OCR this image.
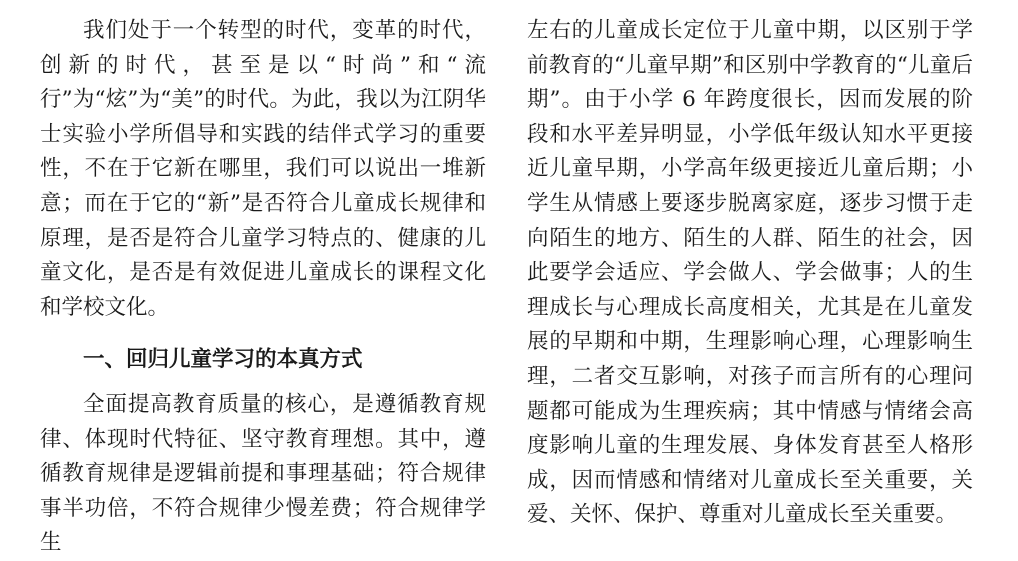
我们处于一个转型的时代，变革的时代，创新的时代，甚至是以“时尚”和“流行”为“炫”为“美”的时代。为此，我以为江阴华士实验小学所倡导和实践的结伴式学习的重要性，不在于它新在哪里，我们可以说出一堆新意；而在于它的“新”是否符合儿童成长规律和原理，是否是符合儿童学习特点的、健康的儿童文化，是否是有效促进儿童成长的课程文化和学校文化。

一、回归儿童学习的本真方式

全面提高教育质量的核心，是遵循教育规律、体现时代特征、坚守教育理想。其中，遵循教育规律是逻辑前提和事理基础；符合规律事半功倍，不符合规律少慢差费；符合规律学生

左右的儿童成长定位于儿童中期，以区别于学前教育的“儿童早期”和区别中学教育的“儿童后期”。由于小学 6 年跨度很长，因而发展的阶段和水平差异明显，小学低年级认知水平更接近儿童早期，小学高年级更接近儿童后期；小学生从情感上要逐步脱离家庭，逐步习惯于走向陌生的地方、陌生的人群、陌生的社会，因此要学会适应、学会做人、学会做事；人的生理成长与心理成长高度相关，尤其是在儿童发展的早期和中期，生理影响心理，心理影响生理，二者交互影响，对孩子而言所有的心理问题都可能成为生理疾病；其中情感与情绪会高度影响儿童的生理发展、身体发育甚至人格形成，因而情感和情绪对儿童成长至关重要，关爱、关怀、保护、尊重对儿童成长至关重要。
